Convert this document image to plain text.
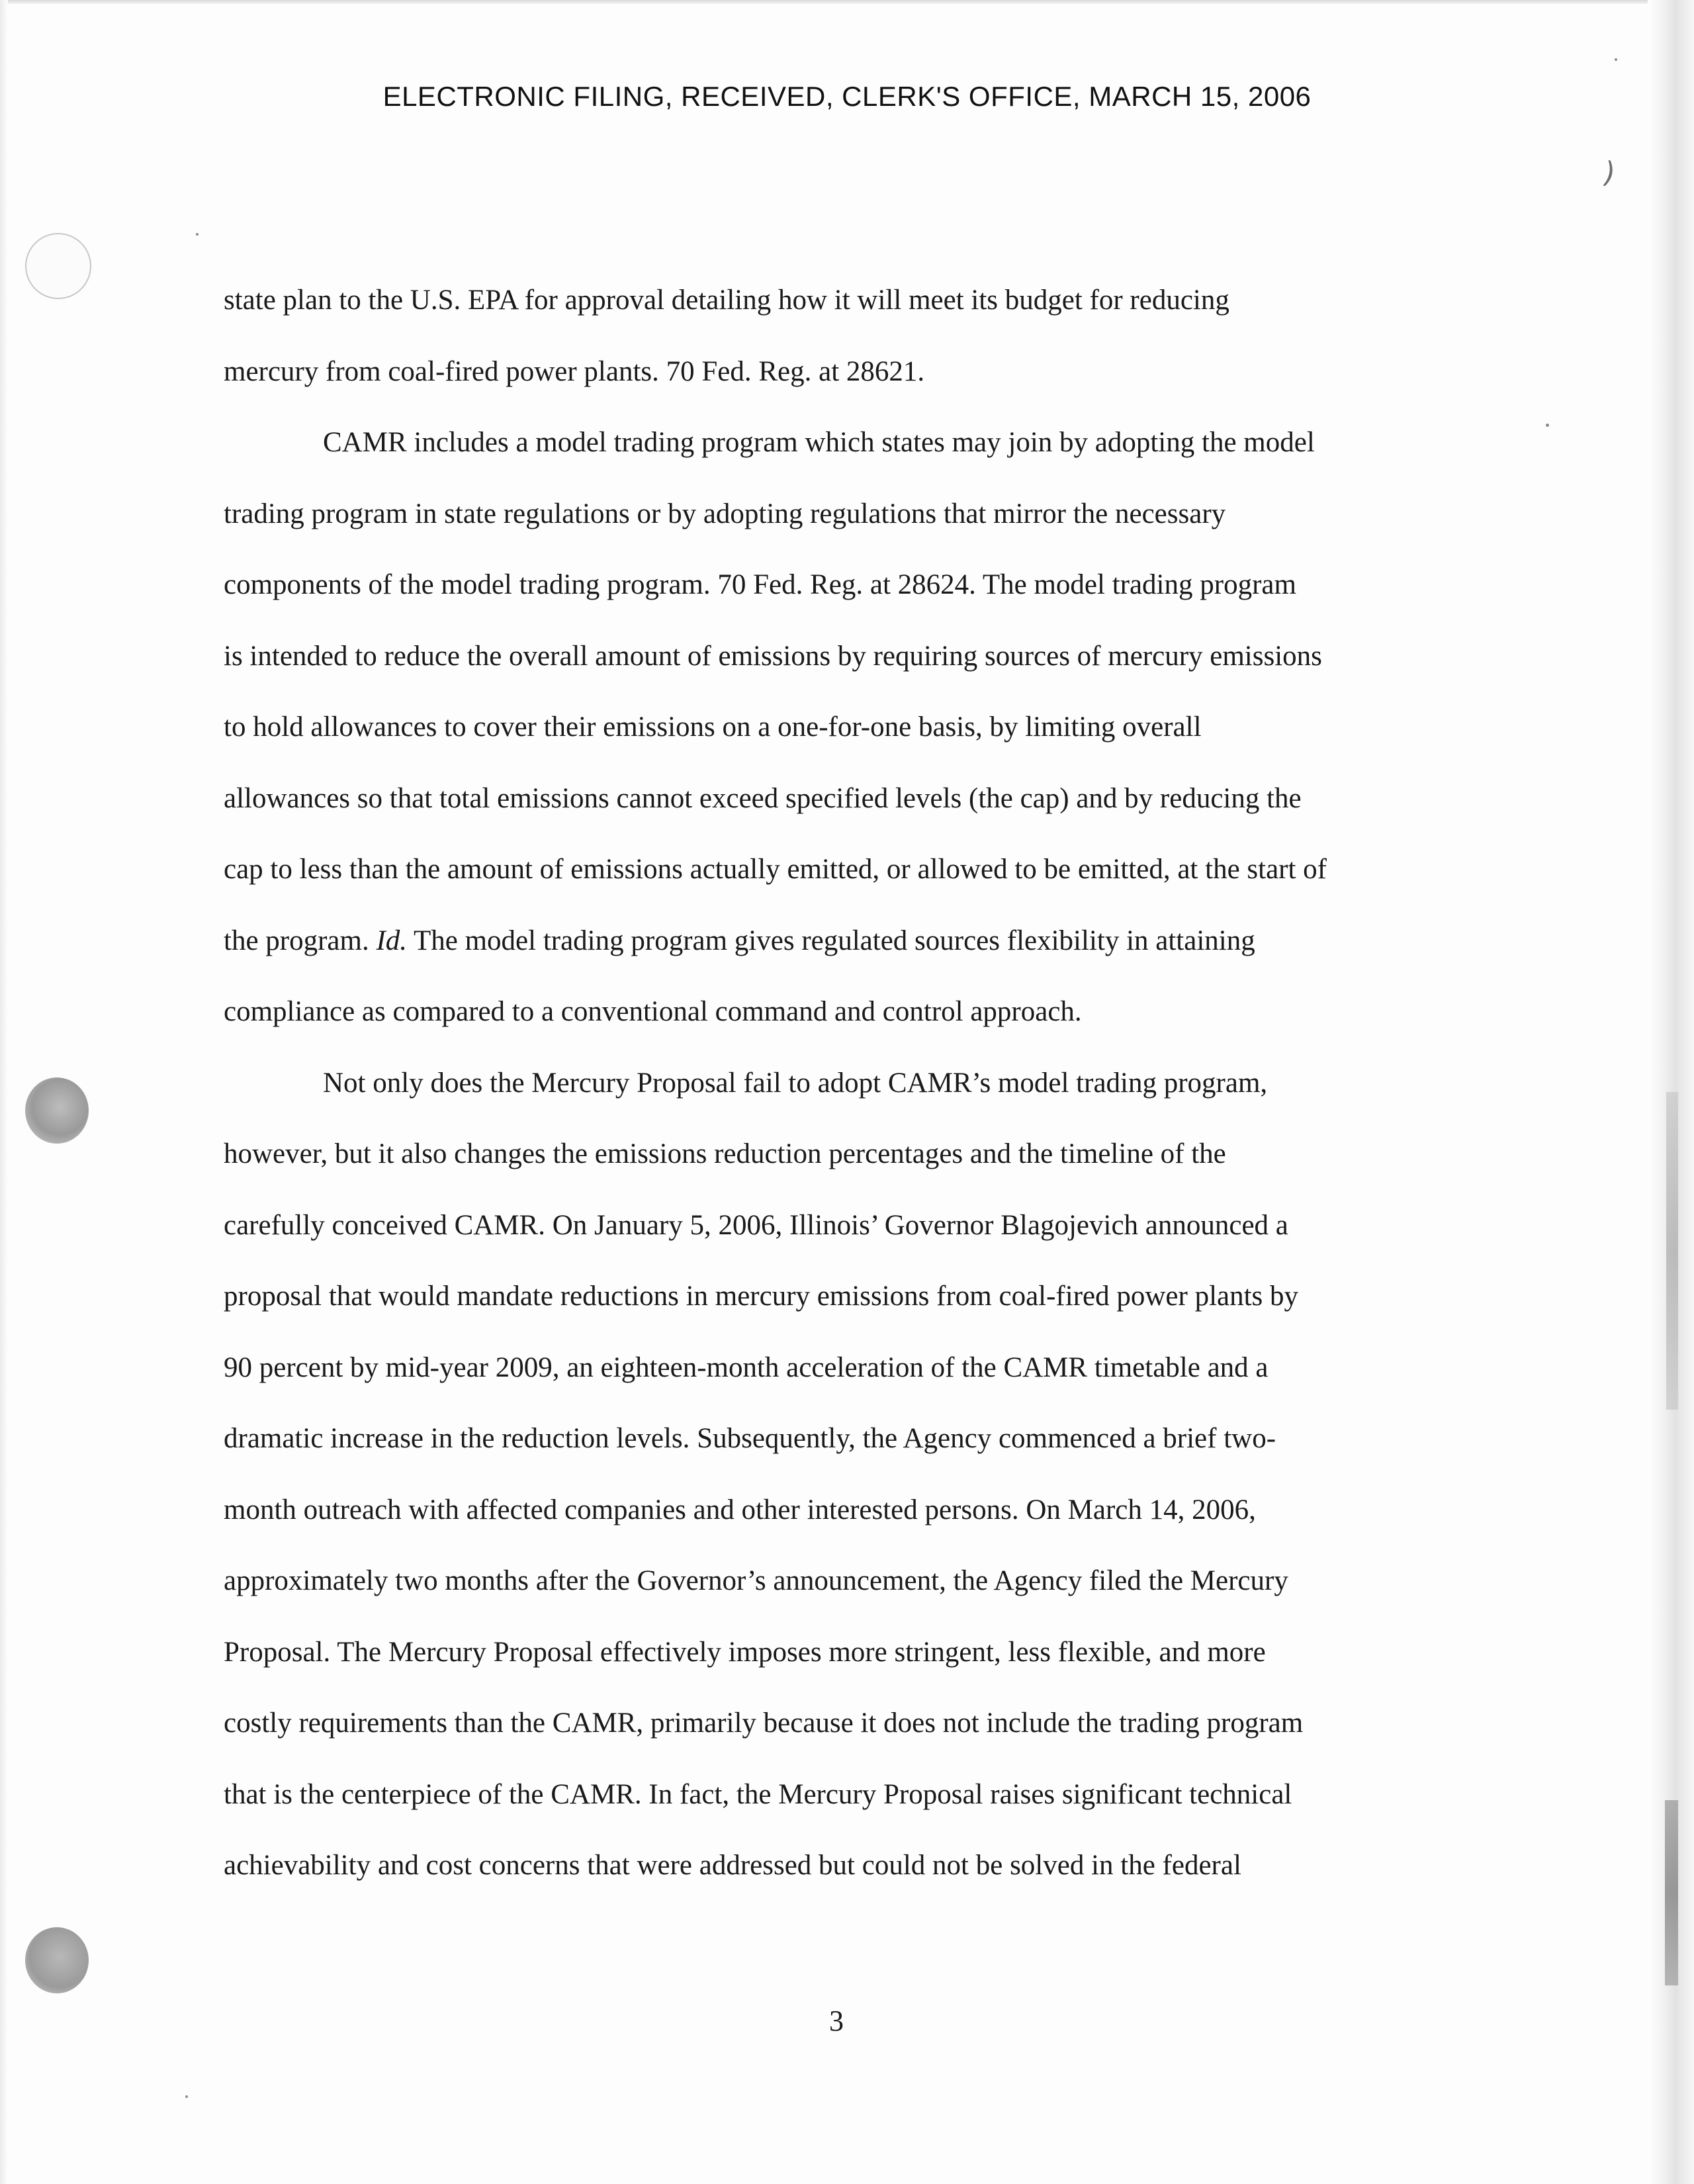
)
ELECTRONIC FILING, RECEIVED, CLERK'S OFFICE, MARCH 15, 2006
state plan to the U.S. EPA for approval detailing how it will meet its budget for reducing
mercury from coal-fired power plants. 70 Fed. Reg. at 28621.
CAMR includes a model trading program which states may join by adopting the model
trading program in state regulations or by adopting regulations that mirror the necessary
components of the model trading program. 70 Fed. Reg. at 28624. The model trading program
is intended to reduce the overall amount of emissions by requiring sources of mercury emissions
to hold allowances to cover their emissions on a one-for-one basis, by limiting overall
allowances so that total emissions cannot exceed specified levels (the cap) and by reducing the
cap to less than the amount of emissions actually emitted, or allowed to be emitted, at the start of
the program. Id. The model trading program gives regulated sources flexibility in attaining
compliance as compared to a conventional command and control approach.
Not only does the Mercury Proposal fail to adopt CAMR’s model trading program,
however, but it also changes the emissions reduction percentages and the timeline of the
carefully conceived CAMR. On January 5, 2006, Illinois’ Governor Blagojevich announced a
proposal that would mandate reductions in mercury emissions from coal-fired power plants by
90 percent by mid-year 2009, an eighteen-month acceleration of the CAMR timetable and a
dramatic increase in the reduction levels. Subsequently, the Agency commenced a brief two-
month outreach with affected companies and other interested persons. On March 14, 2006,
approximately two months after the Governor’s announcement, the Agency filed the Mercury
Proposal. The Mercury Proposal effectively imposes more stringent, less flexible, and more
costly requirements than the CAMR, primarily because it does not include the trading program
that is the centerpiece of the CAMR. In fact, the Mercury Proposal raises significant technical
achievability and cost concerns that were addressed but could not be solved in the federal
3
